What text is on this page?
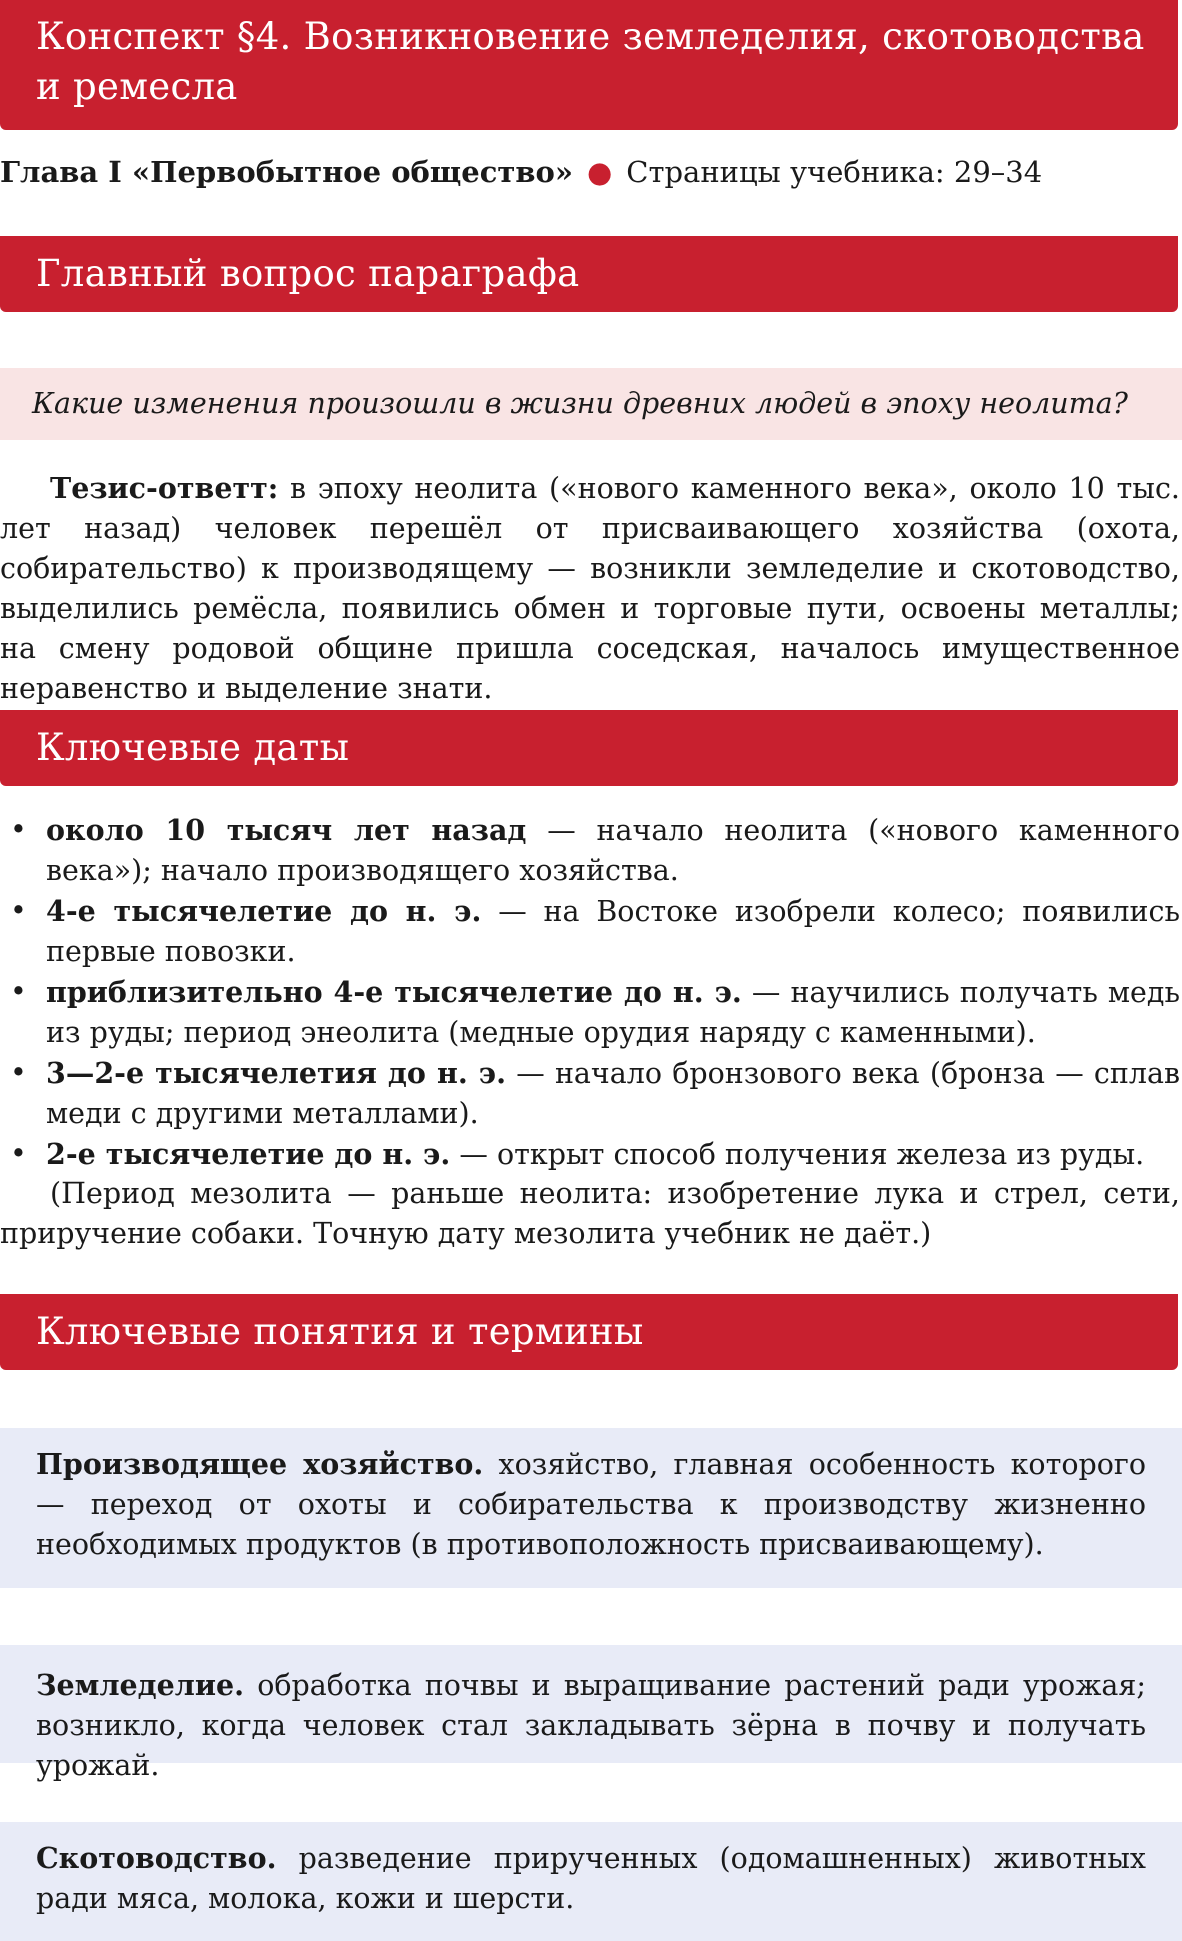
Конспект §4. Возникновение земледелия, скотоводства и ремесла
Глава I «Первобытное общество» ● Страницы учебника: 29–34
Главный вопрос параграфа
Какие изменения произошли в жизни древних людей в эпоху неолита?
Тезис-ответт: в эпоху неолита («нового каменного века», около 10 тыс. лет назад) человек перешёл от присваивающего хозяйства (охота, собирательство) к производящему — возникли земледелие и скотоводство, выделились ремёсла, появились обмен и торговые пути, освоены металлы; на смену родовой общине пришла соседская, началось имущественное неравенство и выделение знати.
Ключевые даты
• около 10 тысяч лет назад — начало неолита («нового каменного века»); начало производящего хозяйства.
• 4-е тысячелетие до н. э. — на Востоке изобрели колесо; появились первые повозки.
• приблизительно 4-е тысячелетие до н. э. — научились получать медь из руды; период энеолита (медные орудия наряду с каменными).
• 3—2-е тысячелетия до н. э. — начало бронзового века (бронза — сплав меди с другими металлами).
• 2-е тысячелетие до н. э. — открыт способ получения железа из руды.
(Период мезолита — раньше неолита: изобретение лука и стрел, сети, приручение собаки. Точную дату мезолита учебник не даёт.)
Ключевые понятия и термины
Производящее хозяйство. хозяйство, главная особенность которого — переход от охоты и собирательства к производству жизненно необходимых продуктов (в противоположность присваивающему).
Земледелие. обработка почвы и выращивание растений ради урожая; возникло, когда человек стал закладывать зёрна в почву и получать урожай.
Скотоводство. разведение прирученных (одомашненных) животных ради мяса, молока, кожи и шерсти.
